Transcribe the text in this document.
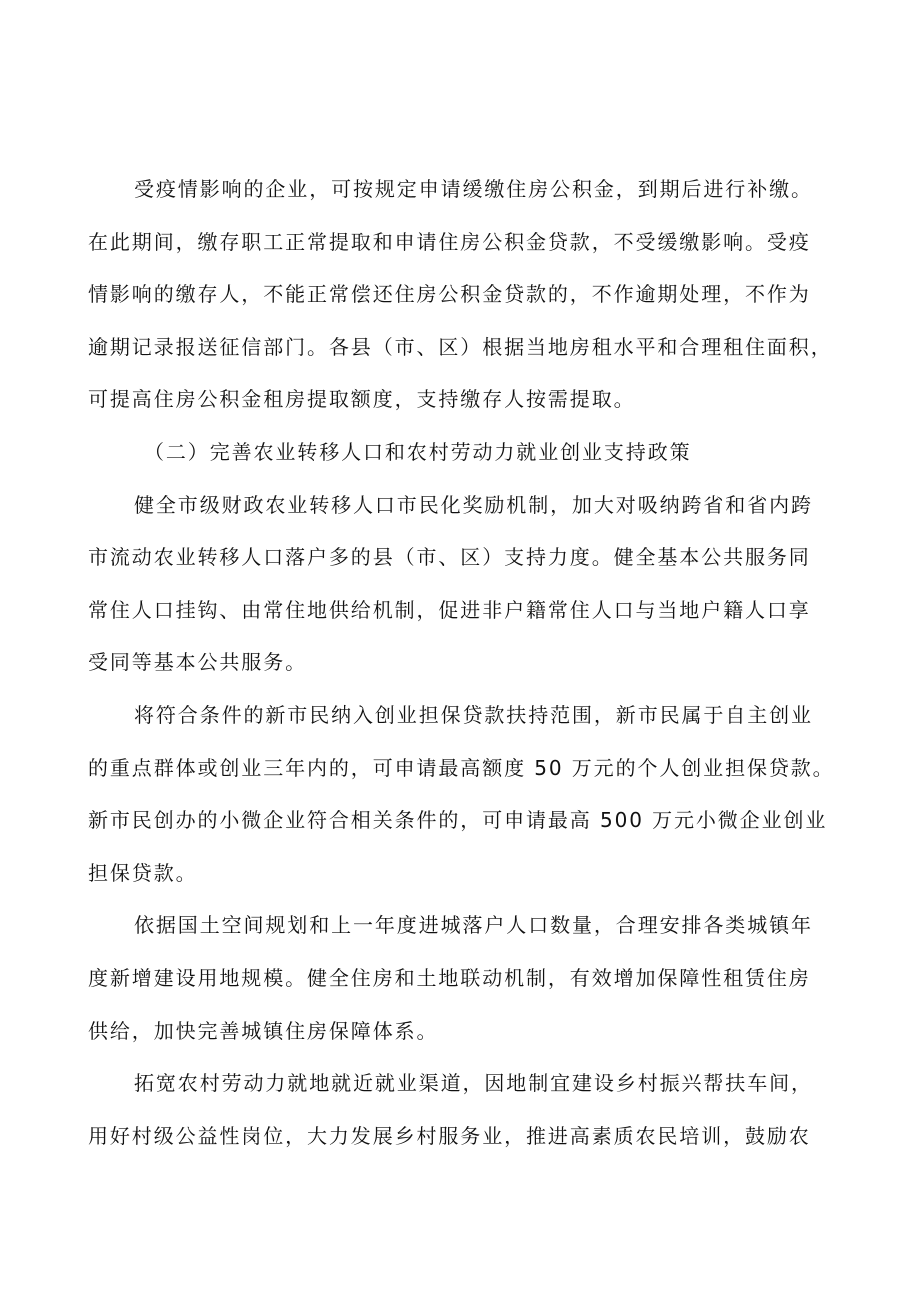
受疫情影响的企业，可按规定申请缓缴住房公积金，到期后进行补缴。
在此期间，缴存职工正常提取和申请住房公积金贷款，不受缓缴影响。受疫
情影响的缴存人，不能正常偿还住房公积金贷款的，不作逾期处理，不作为
逾期记录报送征信部门。各县（市、区）根据当地房租水平和合理租住面积，
可提高住房公积金租房提取额度，支持缴存人按需提取。
（二）完善农业转移人口和农村劳动力就业创业支持政策
健全市级财政农业转移人口市民化奖励机制，加大对吸纳跨省和省内跨
市流动农业转移人口落户多的县（市、区）支持力度。健全基本公共服务同
常住人口挂钩、由常住地供给机制，促进非户籍常住人口与当地户籍人口享
受同等基本公共服务。
将符合条件的新市民纳入创业担保贷款扶持范围，新市民属于自主创业
的重点群体或创业三年内的，可申请最高额度 50 万元的个人创业担保贷款。
新市民创办的小微企业符合相关条件的，可申请最高 500 万元小微企业创业
担保贷款。
依据国土空间规划和上一年度进城落户人口数量，合理安排各类城镇年
度新增建设用地规模。健全住房和土地联动机制，有效增加保障性租赁住房
供给，加快完善城镇住房保障体系。
拓宽农村劳动力就地就近就业渠道，因地制宜建设乡村振兴帮扶车间，
用好村级公益性岗位，大力发展乡村服务业，推进高素质农民培训，鼓励农
